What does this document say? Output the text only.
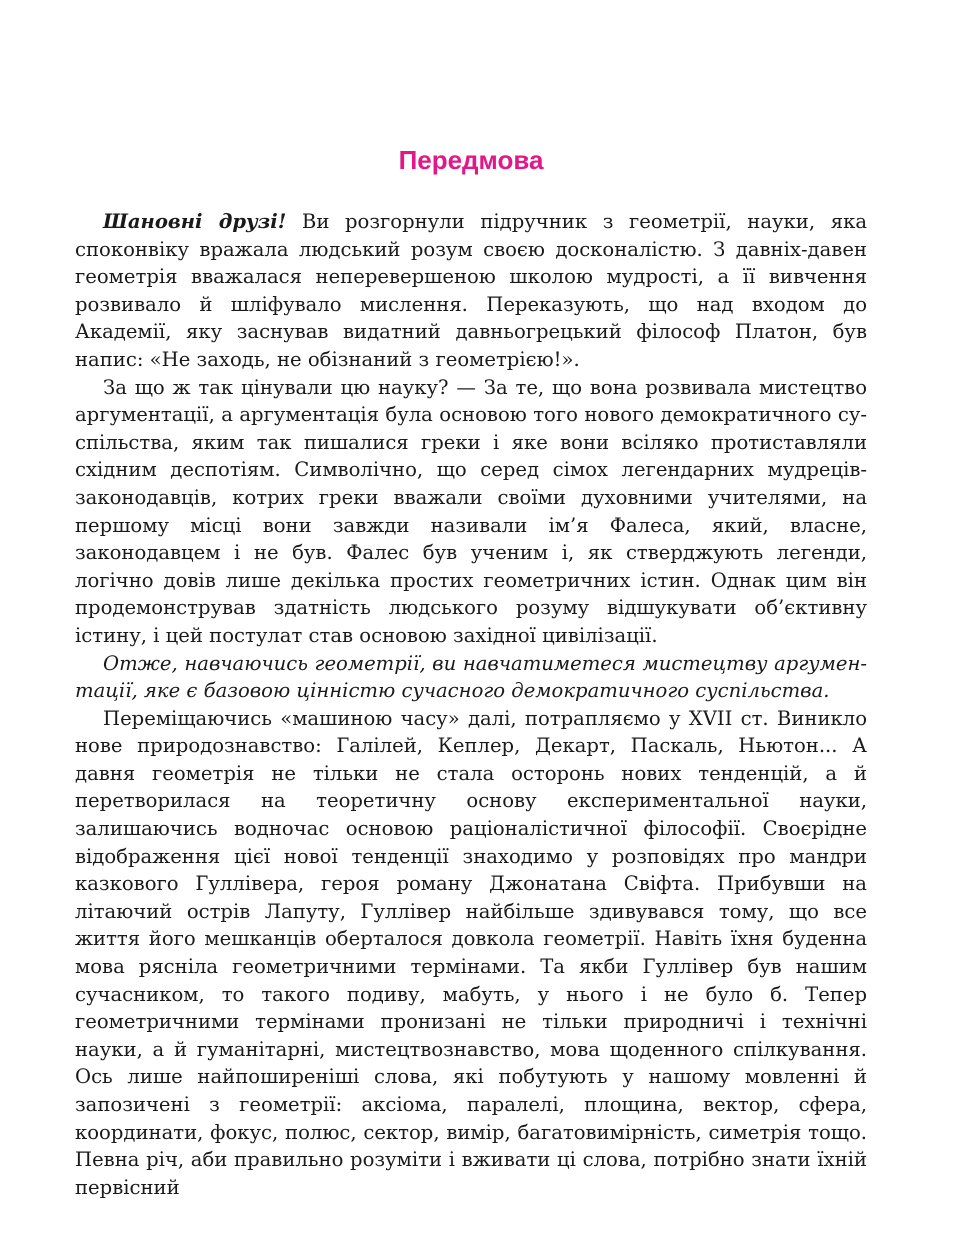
Передмова

Шановні друзі! Ви розгорнули підручник з геометрії, науки, яка споконвіку вражала людський розум своєю досконалістю. З давніх-давен геометрія вважалася неперевершеною школою мудрості, а її вивчення розвивало й шліфувало мислення. Переказують, що над входом до Академії, яку заснував видатний давньогрецький філософ Платон, був напис: «Не заходь, не обізнаний з геометрією!».

За що ж так цінували цю науку? — За те, що вона розвивала мистецтво аргументації, а аргументація була основою того нового демократичного суспільства, яким так пишалися греки і яке вони всіляко протиставляли східним деспотіям. Символічно, що серед сімох легендарних мудреців-законодавців, котрих греки вважали своїми духовними учителями, на першому місці вони завжди називали ім’я Фалеса, який, власне, законодавцем і не був. Фалес був ученим і, як стверджують легенди, логічно довів лише декілька простих геометричних істин. Однак цим він продемонстрував здатність людського розуму відшукувати об’єктивну істину, і цей постулат став основою західної цивілізації.

Отже, навчаючись геометрії, ви навчатиметеся мистецтву аргументації, яке є базовою цінністю сучасного демократичного суспільства.

Переміщаючись «машиною часу» далі, потрапляємо у XVII ст. Виникло нове природознавство: Галілей, Кеплер, Декарт, Паскаль, Ньютон... А давня геометрія не тільки не стала осторонь нових тенденцій, а й перетворилася на теоретичну основу експериментальної науки, залишаючись водночас основою раціоналістичної філософії. Своєрідне відображення цієї нової тенденції знаходимо у розповідях про мандри казкового Гуллівера, героя роману Джонатана Свіфта. Прибувши на літаючий острів Лапуту, Гуллівер найбільше здивувався тому, що все життя його мешканців оберталося довкола геометрії. Навіть їхня буденна мова рясніла геометричними термінами. Та якби Гуллівер був нашим сучасником, то такого подиву, мабуть, у нього і не було б. Тепер геометричними термінами пронизані не тільки природничі і технічні науки, а й гуманітарні, мистецтвознавство, мова щоденного спілкування. Ось лише найпоширеніші слова, які побутують у нашому мовленні й запозичені з геометрії: аксіома, паралелі, площина, вектор, сфера, координати, фокус, полюс, сектор, вимір, багатовимірність, симетрія тощо. Певна річ, аби правильно розуміти і вживати ці слова, потрібно знати їхній первісний
